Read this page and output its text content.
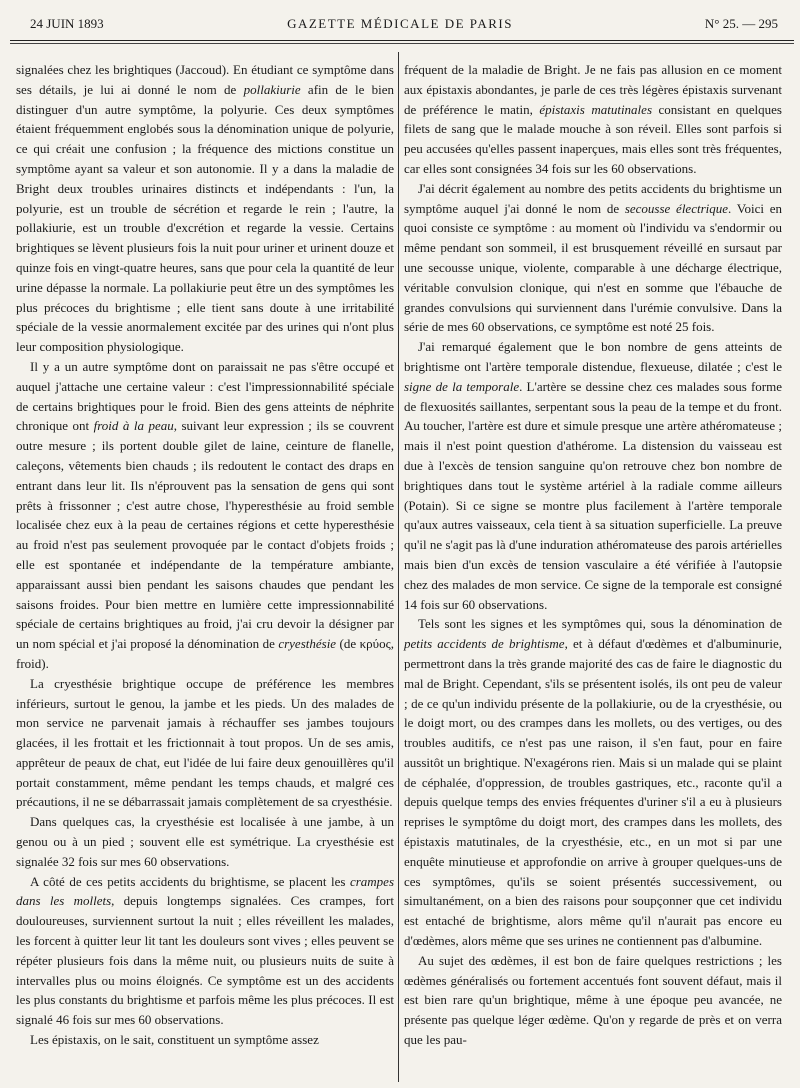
24 JUIN 1893	GAZETTE MÉDICALE DE PARIS	N° 25. — 295

signalées chez les brightiques (Jaccoud). En étudiant ce symptôme dans ses détails, je lui ai donné le nom de pollakiurie afin de le bien distinguer d'un autre symptôme, la polyurie. Ces deux symptômes étaient fréquemment englobés sous la dénomination unique de polyurie, ce qui créait une confusion ; la fréquence des mictions constitue un symptôme ayant sa valeur et son autonomie. Il y a dans la maladie de Bright deux troubles urinaires distincts et indépendants : l'un, la polyurie, est un trouble de sécrétion et regarde le rein ; l'autre, la pollakiurie, est un trouble d'excrétion et regarde la vessie. Certains brightiques se lèvent plusieurs fois la nuit pour uriner et urinent douze et quinze fois en vingt-quatre heures, sans que pour cela la quantité de leur urine dépasse la normale. La pollakiurie peut être un des symptômes les plus précoces du brightisme ; elle tient sans doute à une irritabilité spéciale de la vessie anormalement excitée par des urines qui n'ont plus leur composition physiologique.

Il y a un autre symptôme dont on paraissait ne pas s'être occupé et auquel j'attache une certaine valeur : c'est l'impressionnabilité spéciale de certains brightiques pour le froid. Bien des gens atteints de néphrite chronique ont froid à la peau, suivant leur expression ; ils se couvrent outre mesure ; ils portent double gilet de laine, ceinture de flanelle, caleçons, vêtements bien chauds ; ils redoutent le contact des draps en entrant dans leur lit. Ils n'éprouvent pas la sensation de gens qui sont prêts à frissonner ; c'est autre chose, l'hyperesthésie au froid semble localisée chez eux à la peau de certaines régions et cette hyperesthésie au froid n'est pas seulement provoquée par le contact d'objets froids ; elle est spontanée et indépendante de la température ambiante, apparaissant aussi bien pendant les saisons chaudes que pendant les saisons froides. Pour bien mettre en lumière cette impressionnabilité spéciale de certains brightiques au froid, j'ai cru devoir la désigner par un nom spécial et j'ai proposé la dénomination de cryesthésie (de κρύος, froid).

La cryesthésie brightique occupe de préférence les membres inférieurs, surtout le genou, la jambe et les pieds. Un des malades de mon service ne parvenait jamais à réchauffer ses jambes toujours glacées, il les frottait et les frictionnait à tout propos. Un de ses amis, apprêteur de peaux de chat, eut l'idée de lui faire deux genouillères qu'il portait constamment, même pendant les temps chauds, et malgré ces précautions, il ne se débarrassait jamais complètement de sa cryesthésie.

Dans quelques cas, la cryesthésie est localisée à une jambe, à un genou ou à un pied ; souvent elle est symétrique. La cryesthésie est signalée 32 fois sur mes 60 observations.

A côté de ces petits accidents du brightisme, se placent les crampes dans les mollets, depuis longtemps signalées. Ces crampes, fort douloureuses, surviennent surtout la nuit ; elles réveillent les malades, les forcent à quitter leur lit tant les douleurs sont vives ; elles peuvent se répéter plusieurs fois dans la même nuit, ou plusieurs nuits de suite à intervalles plus ou moins éloignés. Ce symptôme est un des accidents les plus constants du brightisme et parfois même les plus précoces. Il est signalé 46 fois sur mes 60 observations.

Les épistaxis, on le sait, constituent un symptôme assez

fréquent de la maladie de Bright. Je ne fais pas allusion en ce moment aux épistaxis abondantes, je parle de ces très légères épistaxis survenant de préférence le matin, épistaxis matutinales consistant en quelques filets de sang que le malade mouche à son réveil. Elles sont parfois si peu accusées qu'elles passent inaperçues, mais elles sont très fréquentes, car elles sont consignées 34 fois sur les 60 observations.

J'ai décrit également au nombre des petits accidents du brightisme un symptôme auquel j'ai donné le nom de secousse électrique. Voici en quoi consiste ce symptôme : au moment où l'individu va s'endormir ou même pendant son sommeil, il est brusquement réveillé en sursaut par une secousse unique, violente, comparable à une décharge électrique, véritable convulsion clonique, qui n'est en somme que l'ébauche de grandes convulsions qui surviennent dans l'urémie convulsive. Dans la série de mes 60 observations, ce symptôme est noté 25 fois.

J'ai remarqué également que le bon nombre de gens atteints de brightisme ont l'artère temporale distendue, flexueuse, dilatée ; c'est le signe de la temporale. L'artère se dessine chez ces malades sous forme de flexuosités saillantes, serpentant sous la peau de la tempe et du front. Au toucher, l'artère est dure et simule presque une artère athéromateuse ; mais il n'est point question d'athérome. La distension du vaisseau est due à l'excès de tension sanguine qu'on retrouve chez bon nombre de brightiques dans tout le système artériel à la radiale comme ailleurs (Potain). Si ce signe se montre plus facilement à l'artère temporale qu'aux autres vaisseaux, cela tient à sa situation superficielle. La preuve qu'il ne s'agit pas là d'une induration athéromateuse des parois artérielles mais bien d'un excès de tension vasculaire a été vérifiée à l'autopsie chez des malades de mon service. Ce signe de la temporale est consigné 14 fois sur 60 observations.

Tels sont les signes et les symptômes qui, sous la dénomination de petits accidents de brightisme, et à défaut d'œdèmes et d'albuminurie, permettront dans la très grande majorité des cas de faire le diagnostic du mal de Bright. Cependant, s'ils se présentent isolés, ils ont peu de valeur ; de ce qu'un individu présente de la pollakiurie, ou de la cryesthésie, ou le doigt mort, ou des crampes dans les mollets, ou des vertiges, ou des troubles auditifs, ce n'est pas une raison, il s'en faut, pour en faire aussitôt un brightique. N'exagérons rien. Mais si un malade qui se plaint de céphalée, d'oppression, de troubles gastriques, etc., raconte qu'il a depuis quelque temps des envies fréquentes d'uriner s'il a eu à plusieurs reprises le symptôme du doigt mort, des crampes dans les mollets, des épistaxis matutinales, de la cryesthésie, etc., en un mot si par une enquête minutieuse et approfondie on arrive à grouper quelques-uns de ces symptômes, qu'ils se soient présentés successivement, ou simultanément, on a bien des raisons pour soupçonner que cet individu est entaché de brightisme, alors même qu'il n'aurait pas encore eu d'œdèmes, alors même que ses urines ne contiennent pas d'albumine.

Au sujet des œdèmes, il est bon de faire quelques restrictions ; les œdèmes généralisés ou fortement accentués font souvent défaut, mais il est bien rare qu'un brightique, même à une époque peu avancée, ne présente pas quelque léger œdème. Qu'on y regarde de près et on verra que les pau-
